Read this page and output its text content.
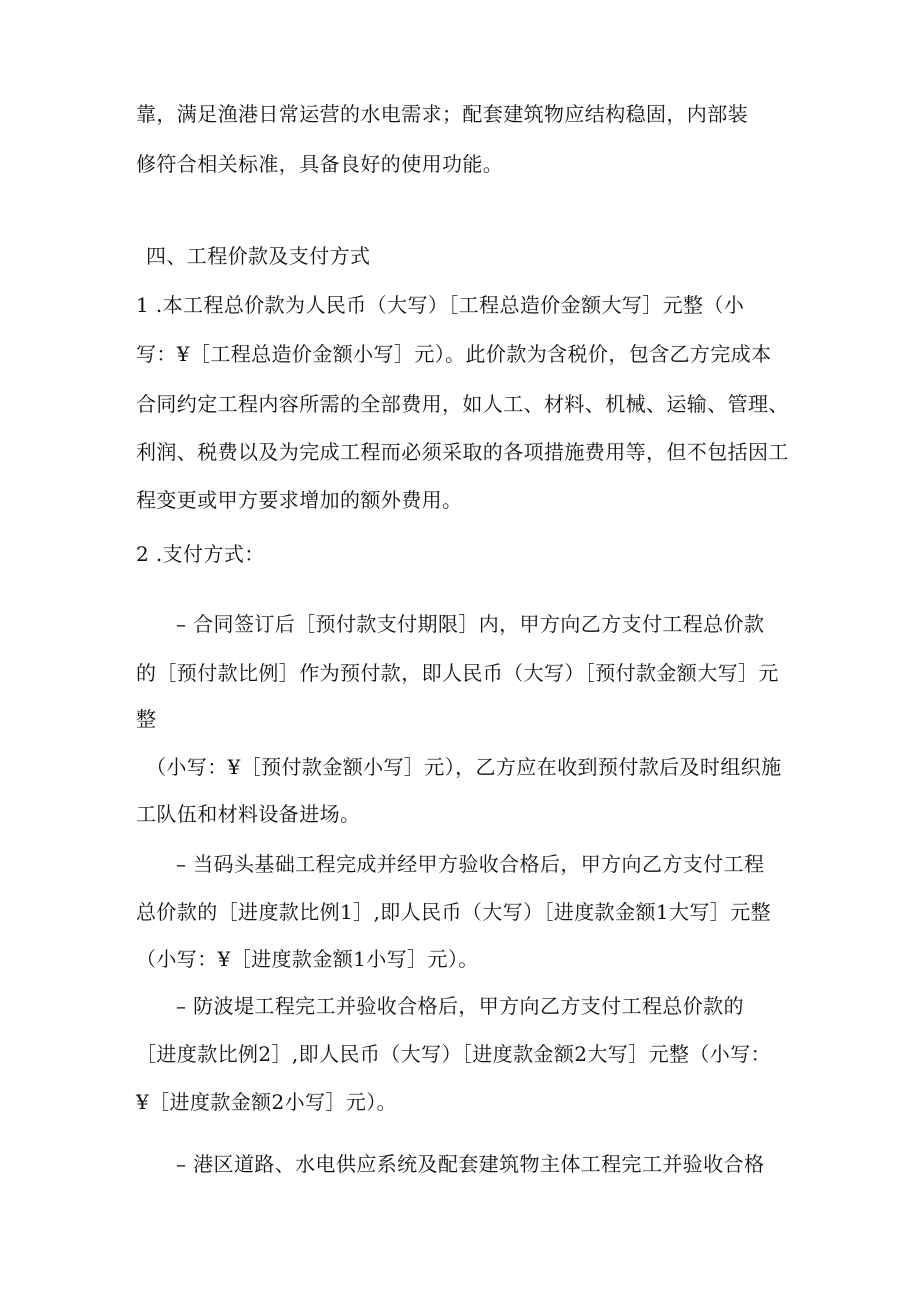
靠，满足渔港日常运营的水电需求；配套建筑物应结构稳固，内部装
修符合相关标准，具备良好的使用功能。
四、工程价款及支付方式
1 .本工程总价款为人民币（大写）［工程总造价金额大写］元整（小
写：¥［工程总造价金额小写］元）。此价款为含税价，包含乙方完成本
合同约定工程内容所需的全部费用，如人工、材料、机械、运输、管理、
利润、税费以及为完成工程而必须采取的各项措施费用等，但不包括因工
程变更或甲方要求增加的额外费用。
2 .支付方式：
– 合同签订后［预付款支付期限］内，甲方向乙方支付工程总价款
的［预付款比例］作为预付款，即人民币（大写）［预付款金额大写］元
整
（小写：¥［预付款金额小写］元），乙方应在收到预付款后及时组织施
工队伍和材料设备进场。
– 当码头基础工程完成并经甲方验收合格后，甲方向乙方支付工程
总价款的［进度款比例1］,即人民币（大写）［进度款金额1大写］元整
（小写：¥［进度款金额1小写］元）。
– 防波堤工程完工并验收合格后，甲方向乙方支付工程总价款的
［进度款比例2］,即人民币（大写）［进度款金额2大写］元整（小写：
¥［进度款金额2小写］元）。
– 港区道路、水电供应系统及配套建筑物主体工程完工并验收合格
